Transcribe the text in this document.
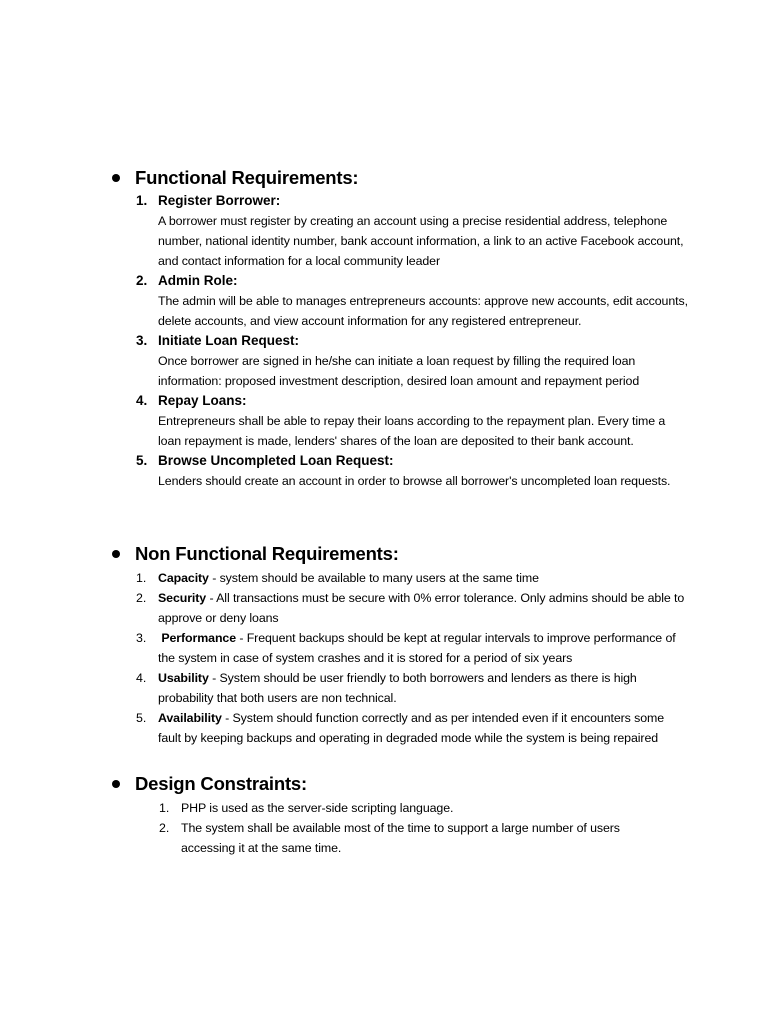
Functional Requirements:
1. Register Borrower:
A borrower must register by creating an account using a precise residential address, telephone number, national identity number, bank account information, a link to an active Facebook account, and contact information for a local community leader
2. Admin Role:
The admin will be able to manages entrepreneurs accounts: approve new accounts, edit accounts, delete accounts, and view account information for any registered entrepreneur.
3. Initiate Loan Request:
Once borrower are signed in he/she can initiate a loan request by filling the required loan information: proposed investment description, desired loan amount and repayment period
4. Repay Loans:
Entrepreneurs shall be able to repay their loans according to the repayment plan. Every time a loan repayment is made, lenders' shares of the loan are deposited to their bank account.
5. Browse Uncompleted Loan Request:
Lenders should create an account in order to browse all borrower's uncompleted loan requests.
Non Functional Requirements:
1. Capacity - system should be available to many users at the same time
2. Security - All transactions must be secure with 0% error tolerance. Only admins should be able to approve or deny loans
3. Performance - Frequent backups should be kept at regular intervals to improve performance of the system in case of system crashes and it is stored for a period of six years
4. Usability - System should be user friendly to both borrowers and lenders as there is high probability that both users are non technical.
5. Availability - System should function correctly and as per intended even if it encounters some fault by keeping backups and operating in degraded mode while the system is being repaired
Design Constraints:
1. PHP is used as the server-side scripting language.
2. The system shall be available most of the time to support a large number of users accessing it at the same time.
